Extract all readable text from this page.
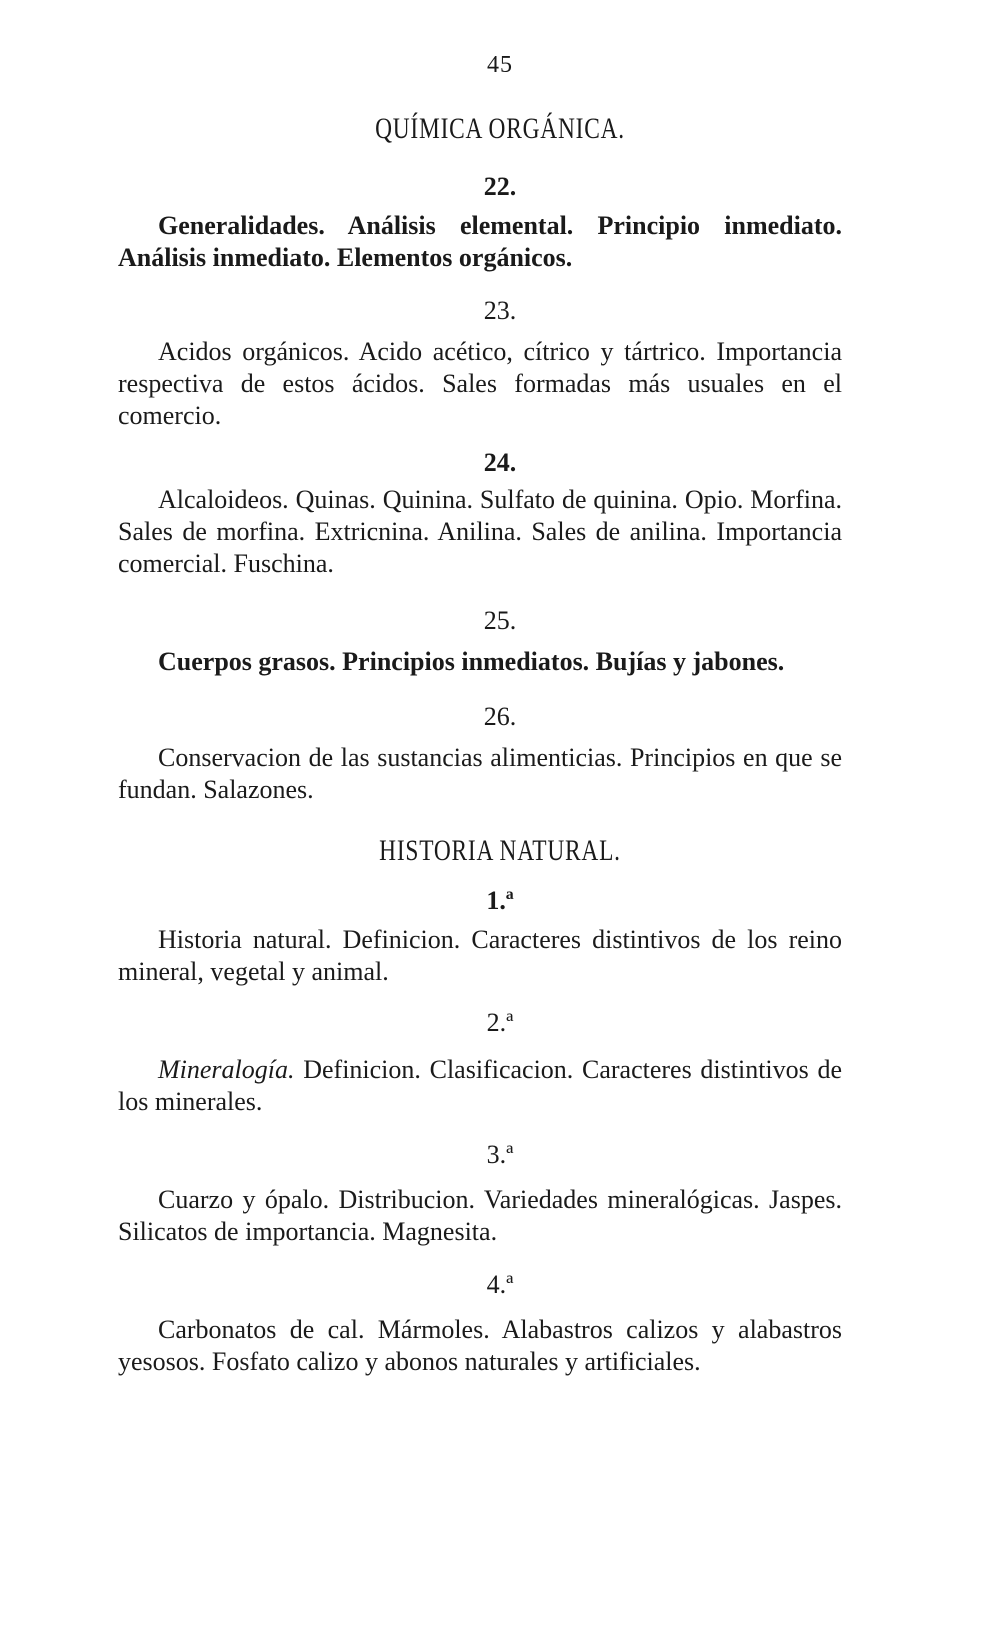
45
QUÍMICA ORGÁNICA.
22.

Generalidades. Análisis elemental. Principio inmediato. Análisis inmediato. Elementos orgánicos.

23.

Acidos orgánicos. Acido acético, cítrico y tártrico. Importancia respectiva de estos ácidos. Sales formadas más usuales en el comercio.

24.

Alcaloideos. Quinas. Quinina. Sulfato de quinina. Opio. Morfina. Sales de morfina. Extricnina. Anilina. Sales de anilina. Importancia comercial. Fuschina.

25.

Cuerpos grasos. Principios inmediatos. Bujías y jabones.

26.

Conservacion de las sustancias alimenticias. Principios en que se fundan. Salazones.

HISTORIA NATURAL.
1.ª

Historia natural. Definicion. Caracteres distintivos de los reino mineral, vegetal y animal.

2.ª

Mineralogía. Definicion. Clasificacion. Caracteres distintivos de los minerales.

3.ª

Cuarzo y ópalo. Distribucion. Variedades mineralógicas. Jaspes. Silicatos de importancia. Magnesita.

4.ª

Carbonatos de cal. Mármoles. Alabastros calizos y alabastros yesosos. Fosfato calizo y abonos naturales y artificiales.
